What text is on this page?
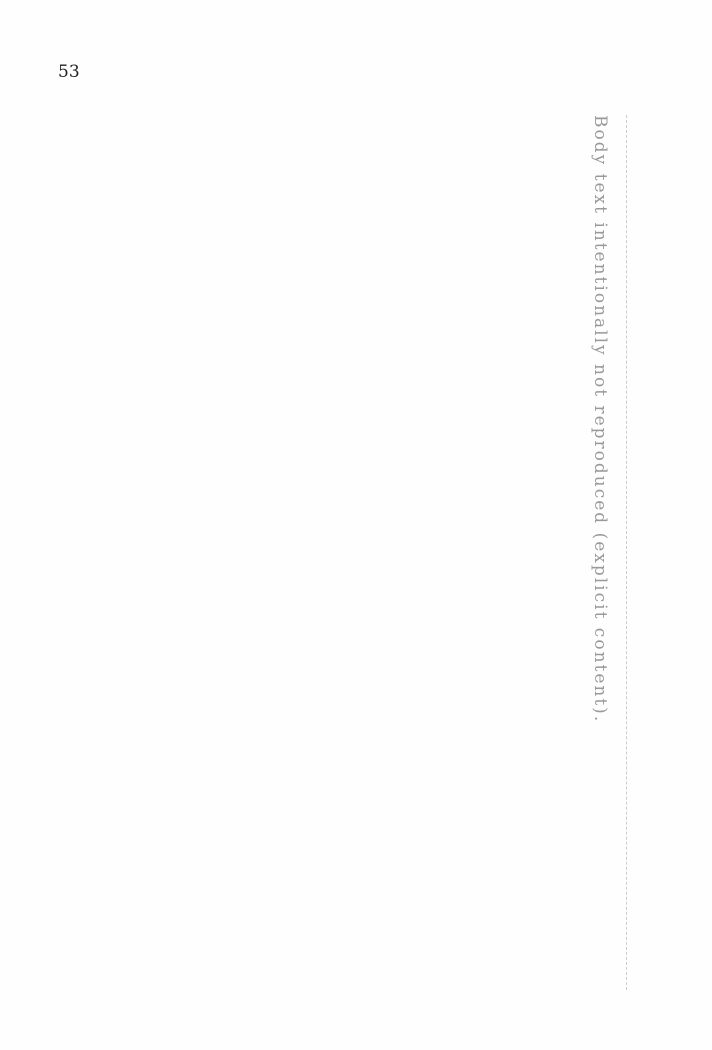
53
Body text intentionally not reproduced (explicit content).
